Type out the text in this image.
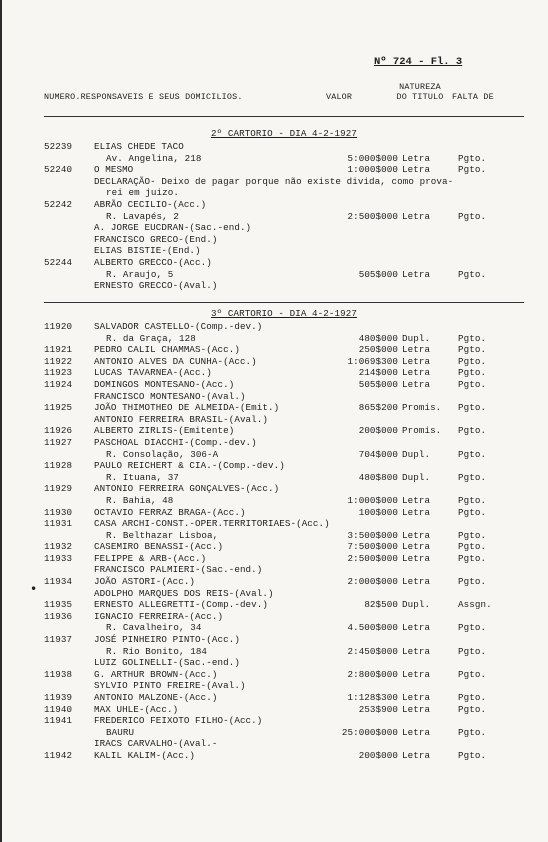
Nº 724 - Fl. 3
NUMERO.RESPONSAVEIS E SEUS DOMICILIOS.	VALOR
NATUREZA DO TITULO FALTA DE
2º CARTORIO - DIA 4-2-1927
52239	ELIAS CHEDE TACO
Av. Angelina, 218	5:000$000 Letra	Pgto.
52240	O MESMO	1:000$000 Letra	Pgto.
DECLARAÇÃO- Deixo de pagar porque não existe divida, como prova-
rei em juizo.
52242	ABRÃO CECILIO-(Acc.)
R. Lavapés, 2	2:500$000 Letra	Pgto.
A. JORGE EUCDRAN-(Sac.-end.)
FRANCISCO GRECO-(End.)
ELIAS BISTIE-(End.)
52244	ALBERTO GRECCO-(Acc.)
R. Araujo, 5	505$000 Letra	Pgto.
ERNESTO GRECCO-(Aval.)
3º CARTORIO - DIA 4-2-1927
11920	SALVADOR CASTELLO-(Comp.-dev.)
R. da Graça, 128	480$000 Dupl.	Pgto.
11921	PEDRO CALIL CHAMMAS-(Acc.)	250$000 Letra	Pgto.
11922	ANTONIO ALVES DA CUNHA-(Acc.)	1:069$300 Letra	Pgto.
11923	LUCAS TAVARNEA-(Acc.)	214$000 Letra	Pgto.
11924	DOMINGOS MONTESANO-(Acc.)	505$000 Letra	Pgto.
FRANCISCO MONTESANO-(Aval.)
11925	JOÃO THIMOTHEO DE ALMEIDA-(Emit.)	865$200 Promis.	Pgto.
ANTONIO FERREIRA BRASIL-(Aval.)
11926	ALBERTO ZIRLIS-(Emitente)	200$000 Promis.	Pgto.
11927	PASCHOAL DIACCHI-(Comp.-dev.)
R. Consolação, 306-A	704$000 Dupl.	Pgto.
11928	PAULO REICHERT & CIA.-(Comp.-dev.)
R. Ituana, 37	480$800 Dupl.	Pgto.
11929	ANTONIO FERREIRA GONÇALVES-(Acc.)
R. Bahia, 48	1:000$000 Letra	Pgto.
11930	OCTAVIO FERRAZ BRAGA-(Acc.)	100$000 Letra	Pgto.
11931	CASA ARCHI-CONST.-OPER.TERRITORIAES-(Acc.)
R. Belthazar Lisboa,	3:500$000 Letra	Pgto.
11932	CASEMIRO BENASSI-(Acc.)	7:500$000 Letra	Pgto.
11933	FELIPPE & ARB-(Acc.)	2:500$000 Letra	Pgto.
FRANCISCO PALMIERI-(Sac.-end.)
11934	JOÃO ASTORI-(Acc.)	2:000$000 Letra	Pgto.
ADOLPHO MARQUES DOS REIS-(Aval.)
11935	ERNESTO ALLEGRETTI-(Comp.-dev.)	82$500 Dupl.	Assgn.
11936	IGNACIO FERREIRA-(Acc.)
R. Cavalheiro, 34	4.500$000 Letra	Pgto.
11937	JOSÉ PINHEIRO PINTO-(Acc.)
R. Rio Bonito, 184	2:450$000 Letra	Pgto.
LUIZ GOLINELLI-(Sac.-end.)
11938	G. ARTHUR BROWN-(Acc.)	2:800$000 Letra	Pgto.
SYLVIO PINTO FREIRE-(Aval.)
11939	ANTONIO MALZONE-(Acc.)	1:128$300 Letra	Pgto.
11940	MAX UHLE-(Acc.)	253$900 Letra	Pgto.
11941	FREDERICO FEIXOTO FILHO-(Acc.)
BAURU	25:000$000 Letra	Pgto.
IRACS CARVALHO-(Aval.-
11942	KALIL KALIM-(Acc.)	200$000 Letra	Pgto.
•
